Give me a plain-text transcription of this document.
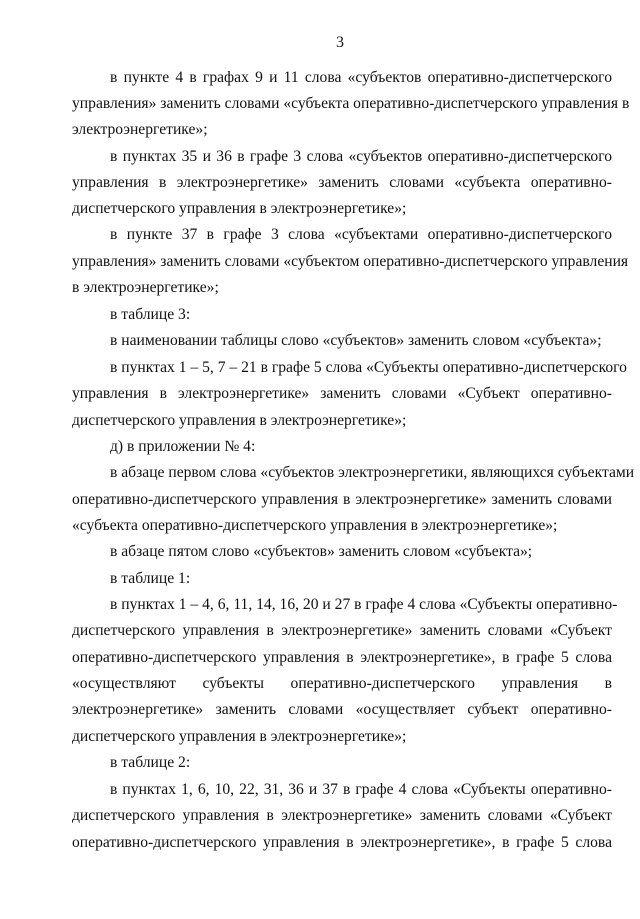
3
в пункте 4 в графах 9 и 11 слова «субъектов оперативно-диспетчерского
управления» заменить словами «субъекта оперативно-диспетчерского управления в
электроэнергетике»;
в пунктах 35 и 36 в графе 3 слова «субъектов оперативно-диспетчерского
управления в электроэнергетике» заменить словами «субъекта оперативно-
диспетчерского управления в электроэнергетике»;
в пункте 37 в графе 3 слова «субъектами оперативно-диспетчерского
управления» заменить словами «субъектом оперативно-диспетчерского управления
в электроэнергетике»;
в таблице 3:
в наименовании таблицы слово «субъектов» заменить словом «субъекта»;
в пунктах 1 – 5, 7 – 21 в графе 5 слова «Субъекты оперативно-диспетчерского
управления в электроэнергетике» заменить словами «Субъект оперативно-
диспетчерского управления в электроэнергетике»;
д) в приложении № 4:
в абзаце первом слова «субъектов электроэнергетики, являющихся субъектами
оперативно-диспетчерского управления в электроэнергетике» заменить словами
«субъекта оперативно-диспетчерского управления в электроэнергетике»;
в абзаце пятом слово «субъектов» заменить словом «субъекта»;
в таблице 1:
в пунктах 1 – 4, 6, 11, 14, 16, 20 и 27 в графе 4 слова «Субъекты оперативно-
диспетчерского управления в электроэнергетике» заменить словами «Субъект
оперативно-диспетчерского управления в электроэнергетике», в графе 5 слова
«осуществляют субъекты оперативно-диспетчерского управления в
электроэнергетике» заменить словами «осуществляет субъект оперативно-
диспетчерского управления в электроэнергетике»;
в таблице 2:
в пунктах 1, 6, 10, 22, 31, 36 и 37 в графе 4 слова «Субъекты оперативно-
диспетчерского управления в электроэнергетике» заменить словами «Субъект
оперативно-диспетчерского управления в электроэнергетике», в графе 5 слова
